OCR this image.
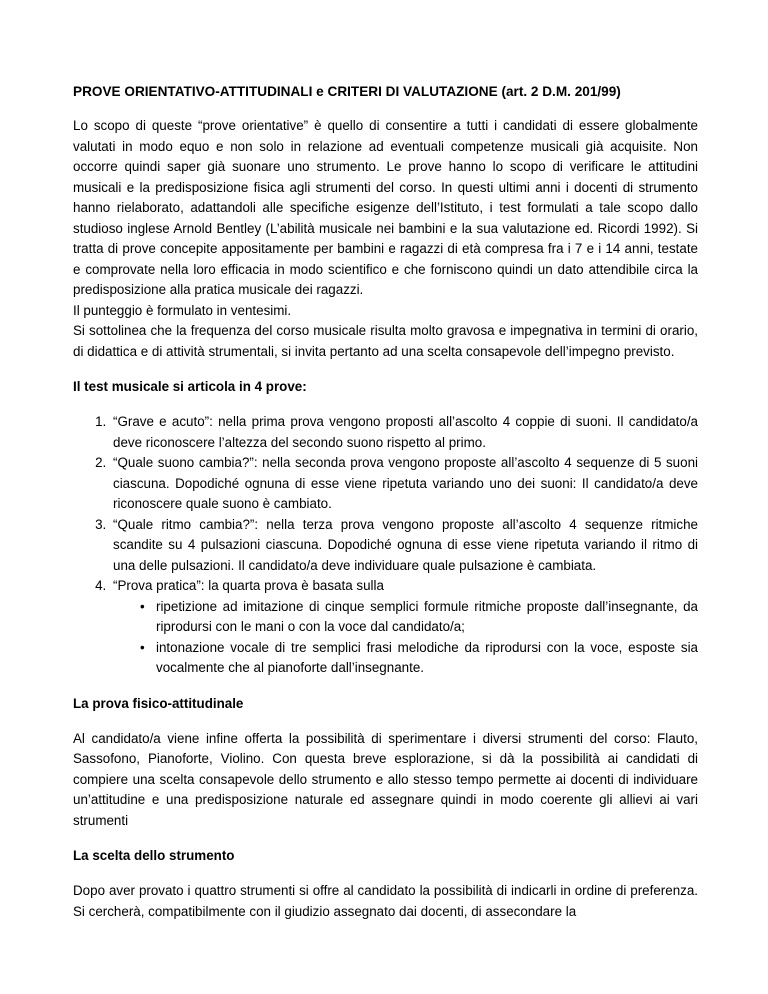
PROVE ORIENTATIVO-ATTITUDINALI e CRITERI DI VALUTAZIONE (art. 2 D.M. 201/99)

Lo scopo di queste “prove orientative” è quello di consentire a tutti i candidati di essere globalmente valutati in modo equo e non solo in relazione ad eventuali competenze musicali già acquisite. Non occorre quindi saper già suonare uno strumento. Le prove hanno lo scopo di verificare le attitudini musicali e la predisposizione fisica agli strumenti del corso. In questi ultimi anni i docenti di strumento hanno rielaborato, adattandoli alle specifiche esigenze dell’Istituto, i test formulati a tale scopo dallo studioso inglese Arnold Bentley (L’abilità musicale nei bambini e la sua valutazione ed. Ricordi 1992). Si tratta di prove concepite appositamente per bambini e ragazzi di età compresa fra i 7 e i 14 anni, testate e comprovate nella loro efficacia in modo scientifico e che forniscono quindi un dato attendibile circa la predisposizione alla pratica musicale dei ragazzi.

Il punteggio è formulato in ventesimi.

Si sottolinea che la frequenza del corso musicale risulta molto gravosa e impegnativa in termini di orario, di didattica e di attività strumentali, si invita pertanto ad una scelta consapevole dell’impegno previsto.

Il test musicale si articola in 4 prove:
1. “Grave e acuto”: nella prima prova vengono proposti all’ascolto 4 coppie di suoni. Il candidato/a deve riconoscere l’altezza del secondo suono rispetto al primo.
2. “Quale suono cambia?”: nella seconda prova vengono proposte all’ascolto 4 sequenze di 5 suoni ciascuna. Dopodiché ognuna di esse viene ripetuta variando uno dei suoni: Il candidato/a deve riconoscere quale suono è cambiato.
3. “Quale ritmo cambia?”: nella terza prova vengono proposte all’ascolto 4 sequenze ritmiche scandite su 4 pulsazioni ciascuna. Dopodiché ognuna di esse viene ripetuta variando il ritmo di una delle pulsazioni. Il candidato/a deve individuare quale pulsazione è cambiata.
4. “Prova pratica”: la quarta prova è basata sulla
• ripetizione ad imitazione di cinque semplici formule ritmiche proposte dall’insegnante, da riprodursi con le mani o con la voce dal candidato/a;
• intonazione vocale di tre semplici frasi melodiche da riprodursi con la voce, esposte sia vocalmente che al pianoforte dall’insegnante.
La prova fisico-attitudinale

Al candidato/a viene infine offerta la possibilità di sperimentare i diversi strumenti del corso: Flauto, Sassofono, Pianoforte, Violino. Con questa breve esplorazione, si dà la possibilità ai candidati di compiere una scelta consapevole dello strumento e allo stesso tempo permette ai docenti di individuare un’attitudine e una predisposizione naturale ed assegnare quindi in modo coerente gli allievi ai vari strumenti

La scelta dello strumento

Dopo aver provato i quattro strumenti si offre al candidato la possibilità di indicarli in ordine di preferenza. Si cercherà, compatibilmente con il giudizio assegnato dai docenti, di assecondare la
